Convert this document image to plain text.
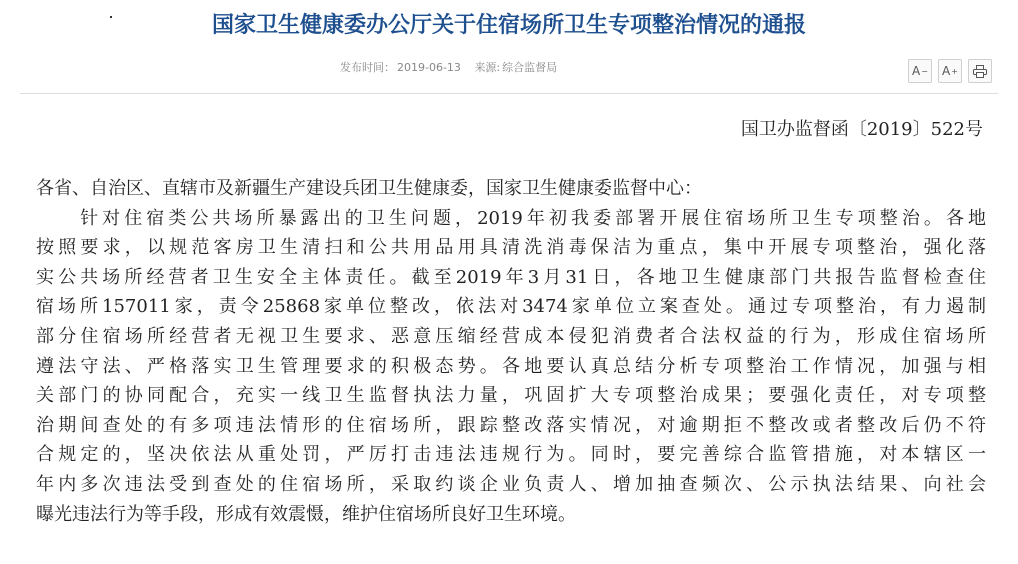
国家卫生健康委办公厅关于住宿场所卫生专项整治情况的通报
发布时间： 2019-06-13 来源: 综合监督局	A − A +
国卫办监督函〔2019〕522号
各省、自治区、直辖市及新疆生产建设兵团卫生健康委，国家卫生健康委监督中心：
　　针对住宿类公共场所暴露出的卫生问题，2019年初我委部署开展住宿场所卫生专项整治。各地
按照要求，以规范客房卫生清扫和公共用品用具清洗消毒保洁为重点，集中开展专项整治，强化落
实公共场所经营者卫生安全主体责任。截至2019年3月31日，各地卫生健康部门共报告监督检查住
宿场所157011家，责令25868家单位整改，依法对3474家单位立案查处。通过专项整治，有力遏制
部分住宿场所经营者无视卫生要求、恶意压缩经营成本侵犯消费者合法权益的行为，形成住宿场所
遵法守法、严格落实卫生管理要求的积极态势。各地要认真总结分析专项整治工作情况，加强与相
关部门的协同配合，充实一线卫生监督执法力量，巩固扩大专项整治成果；要强化责任，对专项整
治期间查处的有多项违法情形的住宿场所，跟踪整改落实情况，对逾期拒不整改或者整改后仍不符
合规定的，坚决依法从重处罚，严厉打击违法违规行为。同时，要完善综合监管措施，对本辖区一
年内多次违法受到查处的住宿场所，采取约谈企业负责人、增加抽查频次、公示执法结果、向社会
曝光违法行为等手段，形成有效震慑，维护住宿场所良好卫生环境。
